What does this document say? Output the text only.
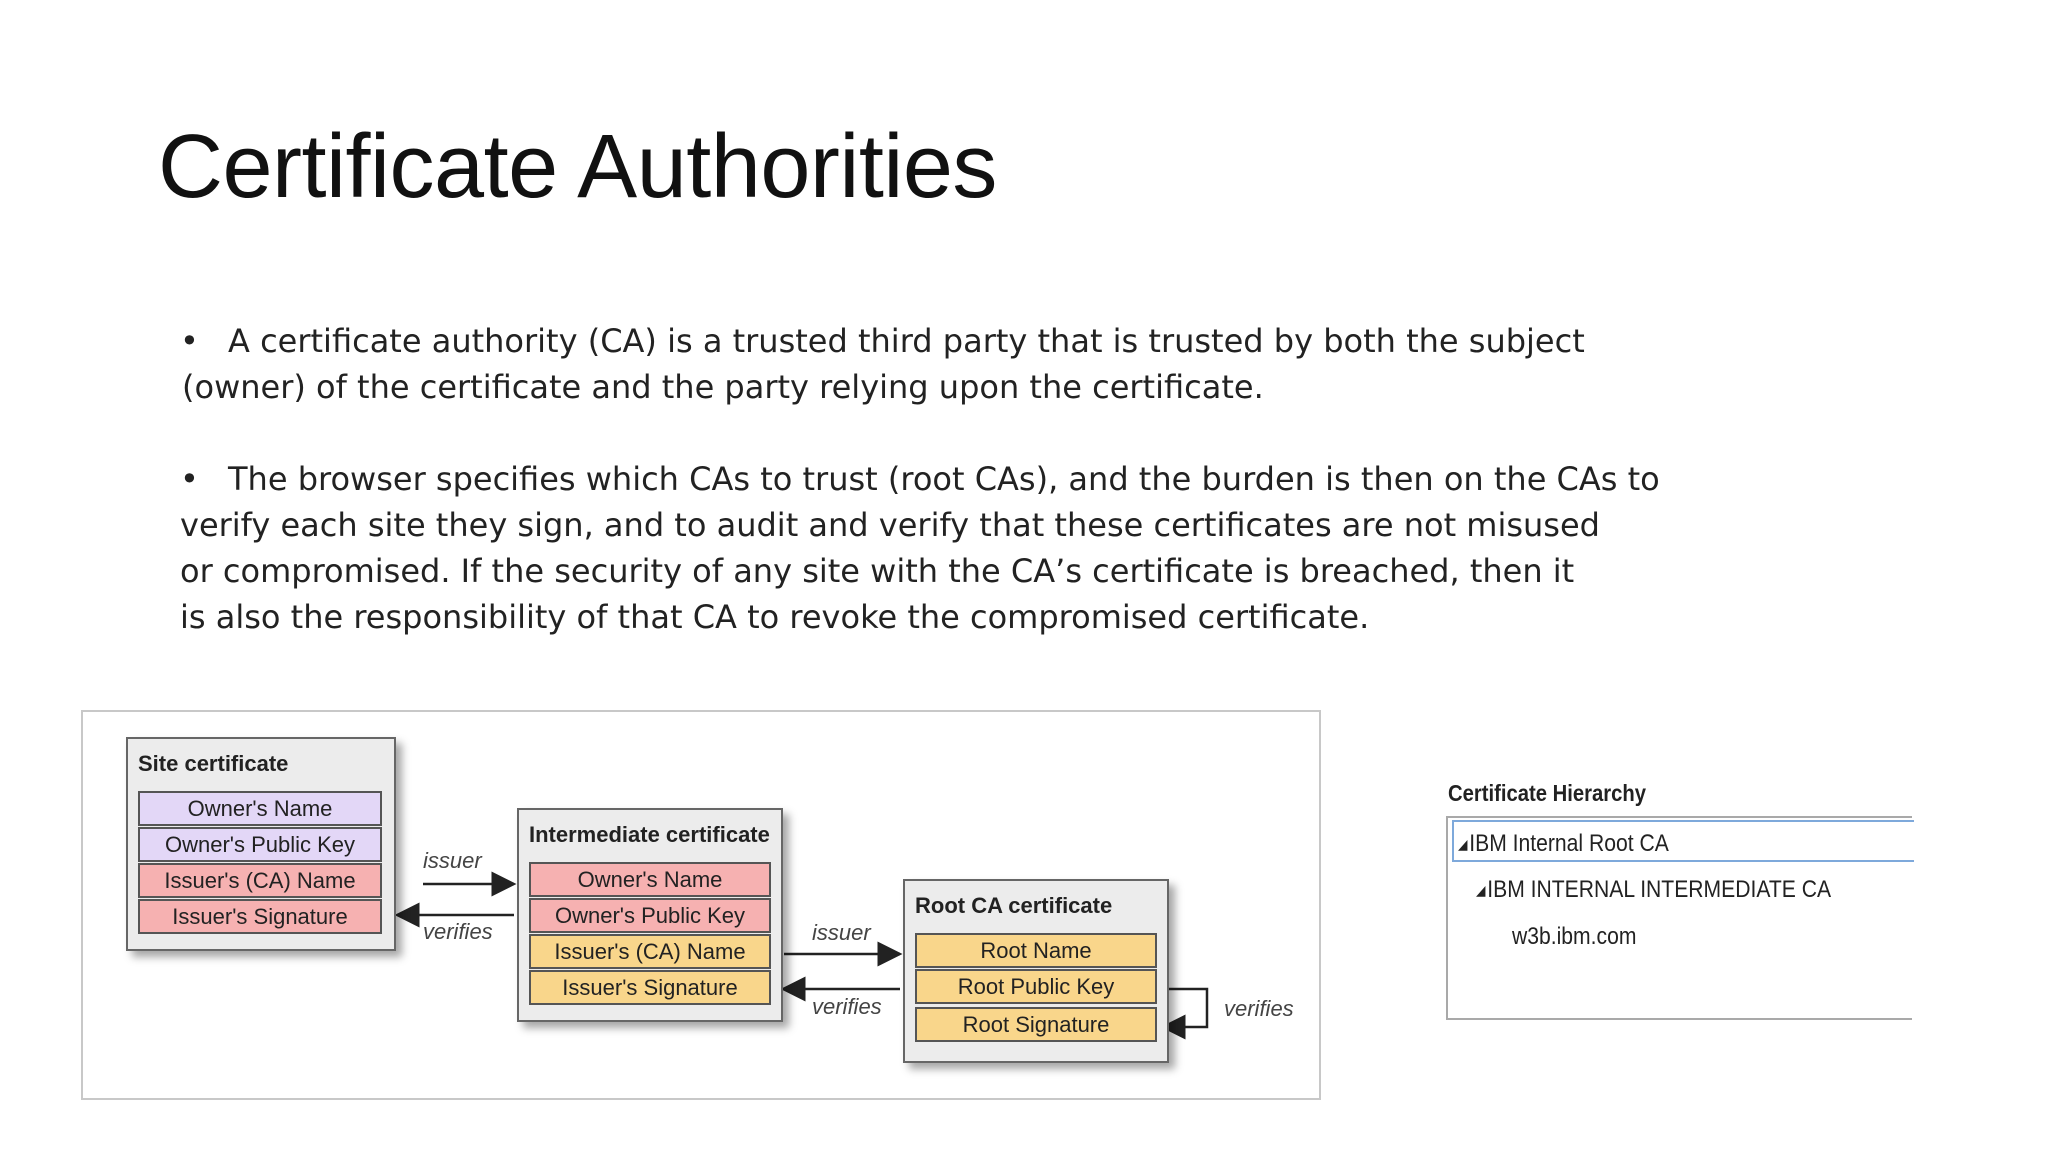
Certificate Authorities
• A certificate authority (CA) is a trusted third party that is trusted by both the subject
(owner) of the certificate and the party relying upon the certificate.
• The browser specifies which CAs to trust (root CAs), and the burden is then on the CAs to
verify each site they sign, and to audit and verify that these certificates are not misused
or compromised. If the security of any site with the CA’s certificate is breached, then it
is also the responsibility of that CA to revoke the compromised certificate.
Site certificate
Owner's Name
Owner's Public Key
Issuer's (CA) Name
Issuer's Signature
Intermediate certificate
Owner's Name
Owner's Public Key
Issuer's (CA) Name
Issuer's Signature
Root CA certificate
Root Name
Root Public Key
Root Signature
issuer
verifies	issuer
verifies	verifies
Certificate Hierarchy
◢IBM Internal Root CA
◢IBM INTERNAL INTERMEDIATE CA
w3b.ibm.com
